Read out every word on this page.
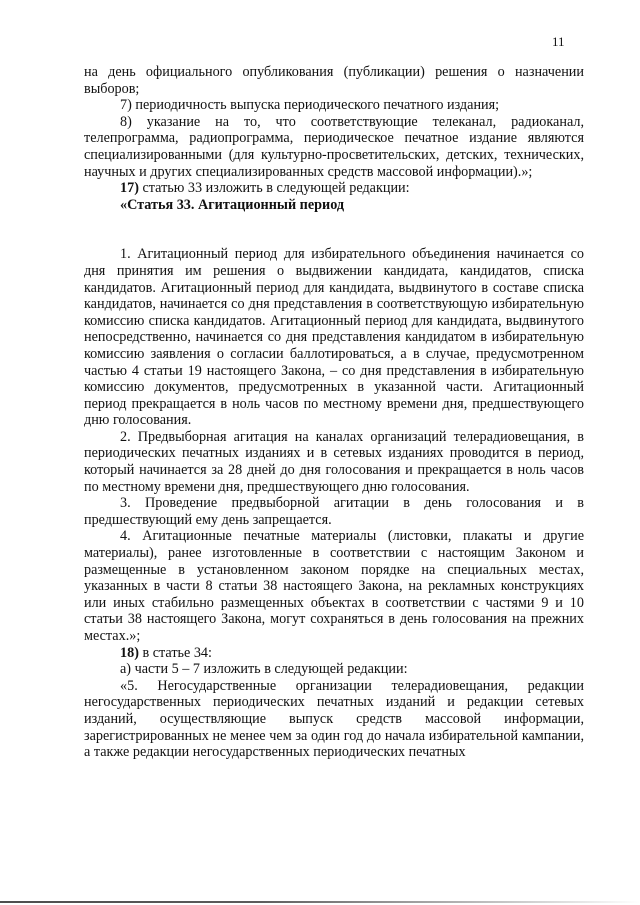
11

на день официального опубликования (публикации) решения о назначении выборов;

7) периодичность выпуска периодического печатного издания;

8) указание на то, что соответствующие телеканал, радиоканал, телепрограмма, радиопрограмма, периодическое печатное издание являются специализированными (для культурно-просветительских, детских, технических, научных и других специализированных средств массовой информации).»;

17) статью 33 изложить в следующей редакции:

«Статья 33. Агитационный период

1. Агитационный период для избирательного объединения начинается со дня принятия им решения о выдвижении кандидата, кандидатов, списка кандидатов. Агитационный период для кандидата, выдвинутого в составе списка кандидатов, начинается со дня представления в соответствующую избирательную комиссию списка кандидатов. Агитационный период для кандидата, выдвинутого непосредственно, начинается со дня представления кандидатом в избирательную комиссию заявления о согласии баллотироваться, а в случае, предусмотренном частью 4 статьи 19 настоящего Закона, – со дня представления в избирательную комиссию документов, предусмотренных в указанной части. Агитационный период прекращается в ноль часов по местному времени дня, предшествующего дню голосования.

2. Предвыборная агитация на каналах организаций телерадиовещания, в периодических печатных изданиях и в сетевых изданиях проводится в период, который начинается за 28 дней до дня голосования и прекращается в ноль часов по местному времени дня, предшествующего дню голосования.

3. Проведение предвыборной агитации в день голосования и в предшествующий ему день запрещается.

4. Агитационные печатные материалы (листовки, плакаты и другие материалы), ранее изготовленные в соответствии с настоящим Законом и размещенные в установленном законом порядке на специальных местах, указанных в части 8 статьи 38 настоящего Закона, на рекламных конструкциях или иных стабильно размещенных объектах в соответствии с частями 9 и 10 статьи 38 настоящего Закона, могут сохраняться в день голосования на прежних местах.»;

18) в статье 34:

а) части 5 – 7 изложить в следующей редакции:

«5. Негосударственные организации телерадиовещания, редакции негосударственных периодических печатных изданий и редакции сетевых изданий, осуществляющие выпуск средств массовой информации, зарегистрированных не менее чем за один год до начала избирательной кампании, а также редакции негосударственных периодических печатных
